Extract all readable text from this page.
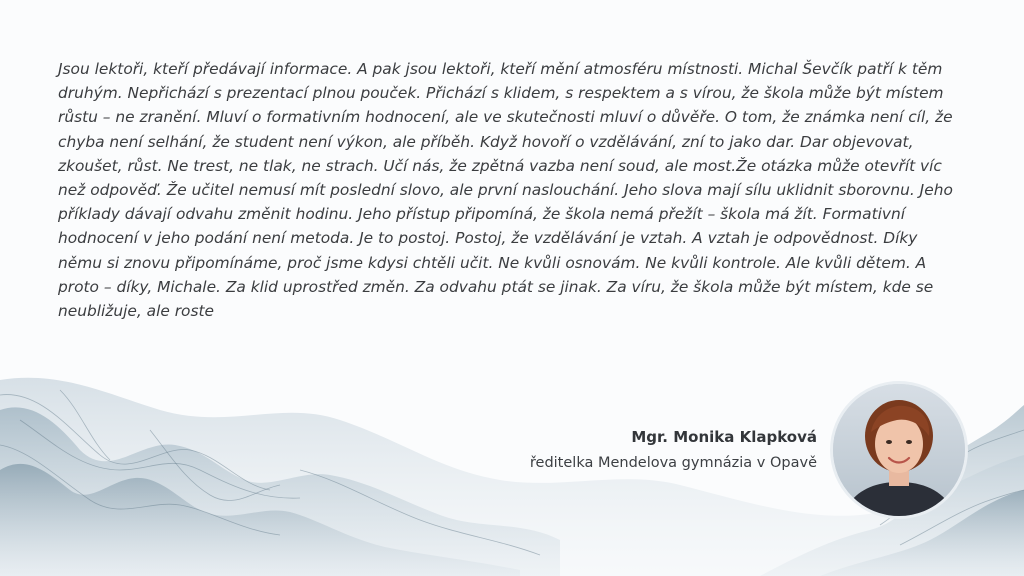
Jsou lektoři, kteří předávají informace. A pak jsou lektoři, kteří mění atmosféru místnosti. Michal Ševčík patří k těm druhým. Nepřichází s prezentací plnou pouček. Přichází s klidem, s respektem a s vírou, že škola může být místem růstu – ne zranění. Mluví o formativním hodnocení, ale ve skutečnosti mluví o důvěře. O tom, že známka není cíl, že chyba není selhání, že student není výkon, ale příběh. Když hovoří o vzdělávání, zní to jako dar. Dar objevovat, zkoušet, růst. Ne trest, ne tlak, ne strach. Učí nás, že zpětná vazba není soud, ale most.Že otázka může otevřít víc než odpověď. Že učitel nemusí mít poslední slovo, ale první naslouchání. Jeho slova mají sílu uklidnit sborovnu. Jeho příklady dávají odvahu změnit hodinu. Jeho přístup připomíná, že škola nemá přežít – škola má žít. Formativní hodnocení v jeho podání není metoda. Je to postoj. Postoj, že vzdělávání je vztah. A vztah je odpovědnost. Díky němu si znovu připomínáme, proč jsme kdysi chtěli učit. Ne kvůli osnovám. Ne kvůli kontrole. Ale kvůli dětem. A proto – díky, Michale. Za klid uprostřed změn. Za odvahu ptát se jinak. Za víru, že škola může být místem, kde se neubližuje, ale roste

Mgr. Monika Klapková
ředitelka Mendelova gymnázia v Opavě
